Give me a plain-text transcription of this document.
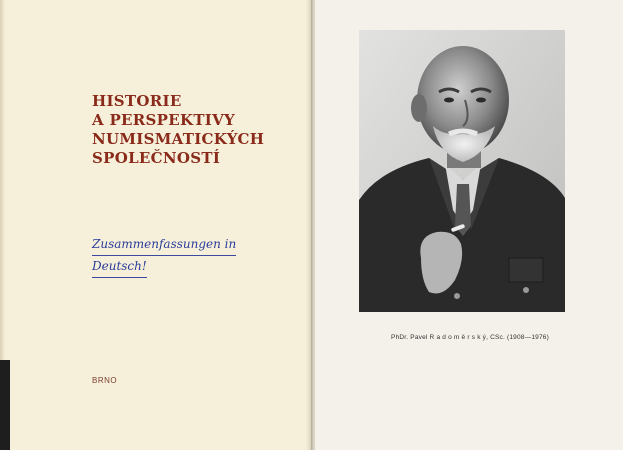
HISTORIE
A PERSPEKTIVY
NUMISMATICKÝCH
SPOLEČNOSTÍ
Zusammenfassungen in
Deutsch!
BRNO
PhDr. Pavel R a d o m ě r s k ý, CSc. (1908—1976)
